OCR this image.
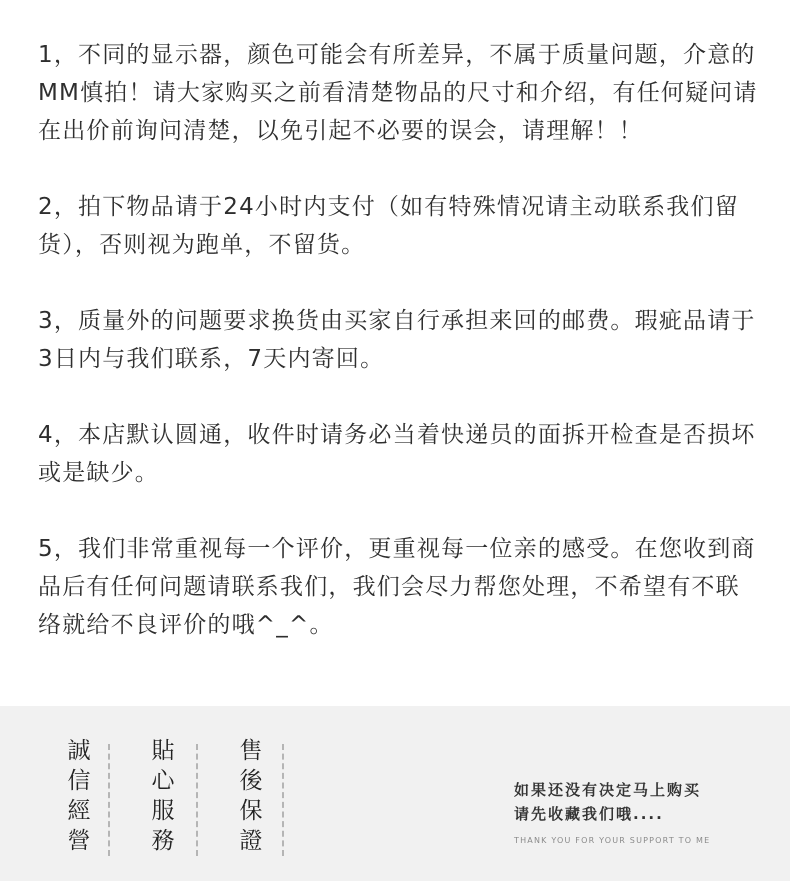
1，不同的显示器，颜色可能会有所差异，不属于质量问题，介意的MM慎拍！请大家购买之前看清楚物品的尺寸和介绍，有任何疑问请在出价前询问清楚，以免引起不必要的误会，请理解！！

2，拍下物品请于24小时内支付（如有特殊情况请主动联系我们留货），否则视为跑单，不留货。

3，质量外的问题要求换货由买家自行承担来回的邮费。瑕疵品请于3日内与我们联系，7天内寄回。

4，本店默认圆通，收件时请务必当着快递员的面拆开检查是否损坏或是缺少。

5，我们非常重视每一个评价，更重视每一位亲的感受。在您收到商品后有任何问题请联系我们，我们会尽力帮您处理，不希望有不联络就给不良评价的哦^_^。

誠信經營
貼心服務
售後保證
如果还没有决定马上购买
请先收藏我们哦....
THANK YOU FOR YOUR SUPPORT TO ME
